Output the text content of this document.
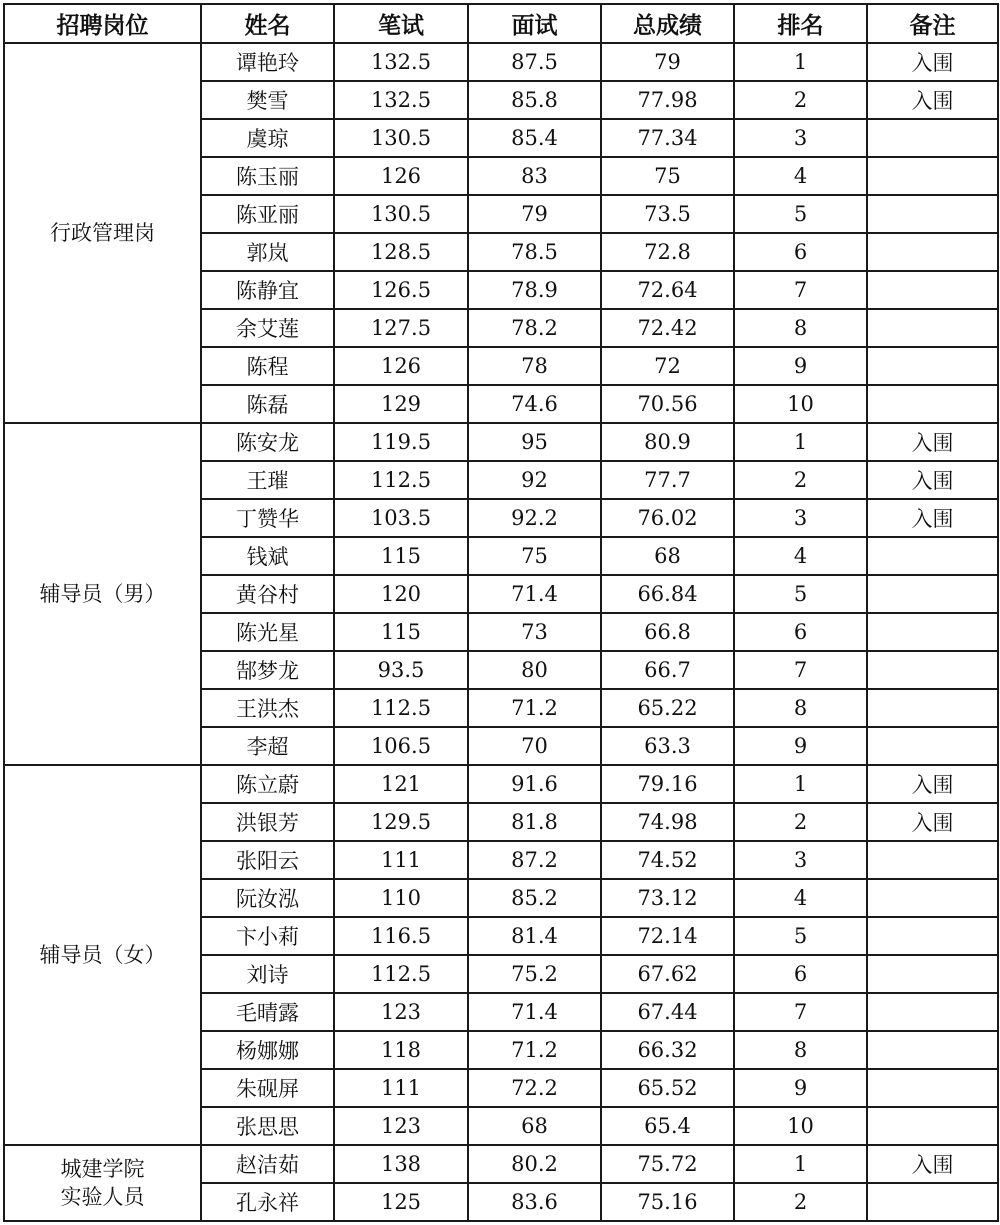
招聘岗位	姓名	笔试	面试	总成绩	排名	备注

行政管理岗	谭艳玲	132.5	87.5	79	1	入围
	樊雪	132.5	85.8	77.98	2	入围
	虞琼	130.5	85.4	77.34	3	
	陈玉丽	126	83	75	4	
	陈亚丽	130.5	79	73.5	5	
	郭岚	128.5	78.5	72.8	6	
	陈静宜	126.5	78.9	72.64	7	
	余艾莲	127.5	78.2	72.42	8	
	陈程	126	78	72	9	
	陈磊	129	74.6	70.56	10	

辅导员（男）	陈安龙	119.5	95	80.9	1	入围
	王璀	112.5	92	77.7	2	入围
	丁赞华	103.5	92.2	76.02	3	入围
	钱斌	115	75	68	4	
	黄谷村	120	71.4	66.84	5	
	陈光星	115	73	66.8	6	
	郜梦龙	93.5	80	66.7	7	
	王洪杰	112.5	71.2	65.22	8	
	李超	106.5	70	63.3	9	

辅导员（女）	陈立蔚	121	91.6	79.16	1	入围
	洪银芳	129.5	81.8	74.98	2	入围
	张阳云	111	87.2	74.52	3	
	阮汝泓	110	85.2	73.12	4	
	卞小莉	116.5	81.4	72.14	5	
	刘诗	112.5	75.2	67.62	6	
	毛晴露	123	71.4	67.44	7	
	杨娜娜	118	71.2	66.32	8	
	朱砚屏	111	72.2	65.52	9	
	张思思	123	68	65.4	10	

城建学院
实验人员	赵洁茹	138	80.2	75.72	1	入围
	孔永祥	125	83.6	75.16	2	
